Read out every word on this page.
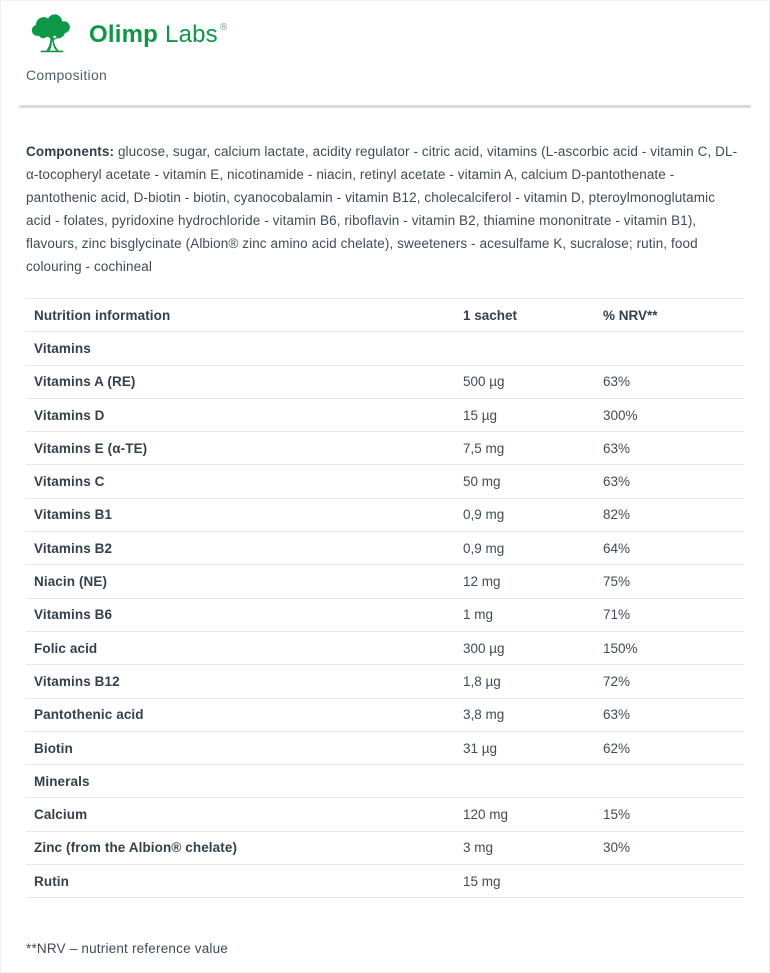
Olimp Labs ®
Composition

Components: glucose, sugar, calcium lactate, acidity regulator - citric acid, vitamins (L-ascorbic acid - vitamin C, DL-α-tocopheryl acetate - vitamin E, nicotinamide - niacin, retinyl acetate - vitamin A, calcium D-pantothenate - pantothenic acid, D-biotin - biotin, cyanocobalamin - vitamin B12, cholecalciferol - vitamin D, pteroylmonoglutamic acid - folates, pyridoxine hydrochloride - vitamin B6, riboflavin - vitamin B2, thiamine mononitrate - vitamin B1), flavours, zinc bisglycinate (Albion® zinc amino acid chelate), sweeteners - acesulfame K, sucralose; rutin, food colouring - cochineal

Nutrition information	1 sachet	% NRV**
Vitamins
Vitamins A (RE)	500 µg	63%
Vitamins D	15 µg	300%
Vitamins E (α-TE)	7,5 mg	63%
Vitamins C	50 mg	63%
Vitamins B1	0,9 mg	82%
Vitamins B2	0,9 mg	64%
Niacin (NE)	12 mg	75%
Vitamins B6	1 mg	71%
Folic acid	300 µg	150%
Vitamins B12	1,8 µg	72%
Pantothenic acid	3,8 mg	63%
Biotin	31 µg	62%
Minerals
Calcium	120 mg	15%
Zinc (from the Albion® chelate)	3 mg	30%
Rutin	15 mg
**NRV – nutrient reference value
